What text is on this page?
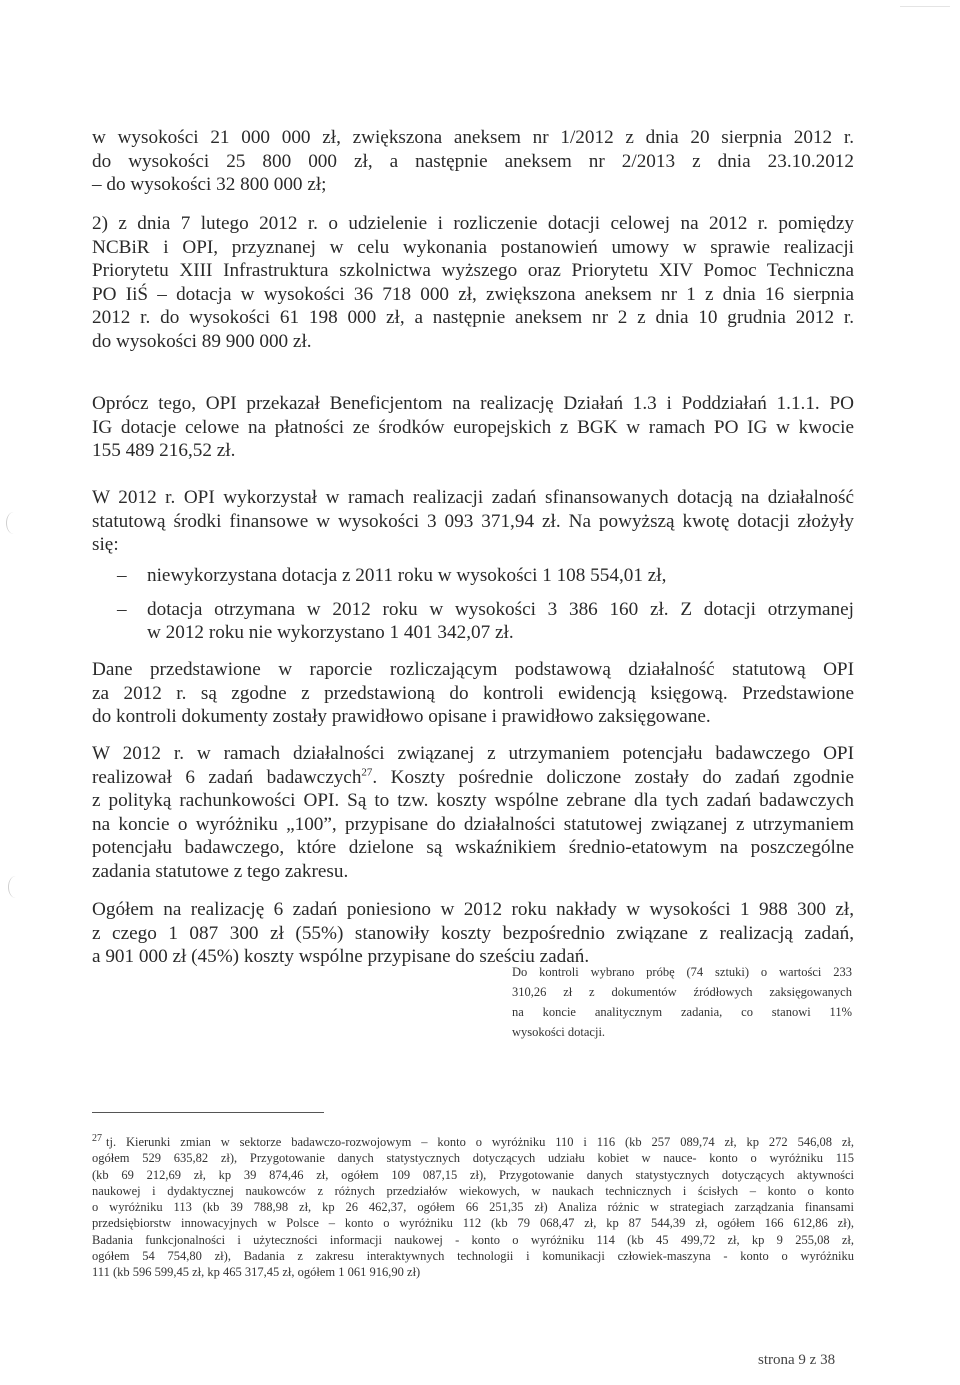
w wysokości 21 000 000 zł, zwiększona aneksem nr 1/2012 z dnia 20 sierpnia 2012 r.
do wysokości 25 800 000 zł, a następnie aneksem nr 2/2013 z dnia 23.10.2012
– do wysokości 32 800 000 zł;

2) z dnia 7 lutego 2012 r. o udzielenie i rozliczenie dotacji celowej na 2012 r. pomiędzy
NCBiR i OPI, przyznanej w celu wykonania postanowień umowy w sprawie realizacji
Priorytetu XIII Infrastruktura szkolnictwa wyższego oraz Priorytetu XIV Pomoc Techniczna
PO IiŚ – dotacja w wysokości 36 718 000 zł, zwiększona aneksem nr 1 z dnia 16 sierpnia
2012 r. do wysokości 61 198 000 zł, a następnie aneksem nr 2 z dnia 10 grudnia 2012 r.
do wysokości 89 900 000 zł.

Oprócz tego, OPI przekazał Beneficjentom na realizację Działań 1.3 i Poddziałań 1.1.1. PO
IG dotacje celowe na płatności ze środków europejskich z BGK w ramach PO IG w kwocie
155 489 216,52 zł.

W 2012 r. OPI wykorzystał w ramach realizacji zadań sfinansowanych dotacją na działalność
statutową środki finansowe w wysokości 3 093 371,94 zł. Na powyższą kwotę dotacji złożyły
się:

– niewykorzystana dotacja z 2011 roku w wysokości 1 108 554,01 zł,
– dotacja otrzymana w 2012 roku w wysokości 3 386 160 zł. Z dotacji otrzymanej
w 2012 roku nie wykorzystano 1 401 342,07 zł.

Dane przedstawione w raporcie rozliczającym podstawową działalność statutową OPI
za 2012 r. są zgodne z przedstawioną do kontroli ewidencją księgową. Przedstawione
do kontroli dokumenty zostały prawidłowo opisane i prawidłowo zaksięgowane.

W 2012 r. w ramach działalności związanej z utrzymaniem potencjału badawczego OPI
realizował 6 zadań badawczych$^{27}$. Koszty pośrednie doliczone zostały do zadań zgodnie
z polityką rachunkowości OPI. Są to tzw. koszty wspólne zebrane dla tych zadań badawczych
na koncie o wyróżniku „100”, przypisane do działalności statutowej związanej z utrzymaniem
potencjału badawczego, które dzielone są wskaźnikiem średnio-etatowym na poszczególne
zadania statutowe z tego zakresu.

Ogółem na realizację 6 zadań poniesiono w 2012 roku nakłady w wysokości 1 988 300 zł,
z czego 1 087 300 zł (55%) stanowiły koszty bezpośrednio związane z realizacją zadań,
a 901 000 zł (45%) koszty wspólne przypisane do sześciu zadań.

Do kontroli wybrano próbę (74 sztuki) o wartości 233
310,26 zł z dokumentów źródłowych zaksięgowanych
na koncie analitycznym zadania, co stanowi 11%
wysokości dotacji.
$^{27}$ tj. Kierunki zmian w sektorze badawczo-rozwojowym – konto o wyróżniku 110 i 116 (kb 257 089,74 zł, kp 272 546,08 zł,
ogółem 529 635,82 zł), Przygotowanie danych statystycznych dotyczących udziału kobiet w nauce- konto o wyróżniku 115
(kb 69 212,69 zł, kp 39 874,46 zł, ogółem 109 087,15 zł), Przygotowanie danych statystycznych dotyczących aktywności
naukowej i dydaktycznej naukowców z różnych przedziałów wiekowych, w naukach technicznych i ścisłych – konto o konto
o wyróżniku 113 (kb 39 788,98 zł, kp 26 462,37, ogółem 66 251,35 zł) Analiza różnic w strategiach zarządzania finansami
przedsiębiorstw innowacyjnych w Polsce – konto o wyróżniku 112 (kb 79 068,47 zł, kp 87 544,39 zł, ogółem 166 612,86 zł),
Badania funkcjonalności i użyteczności informacji naukowej - konto o wyróżniku 114 (kb 45 499,72 zł, kp 9 255,08 zł,
ogółem 54 754,80 zł), Badania z zakresu interaktywnych technologii i komunikacji człowiek-maszyna - konto o wyróżniku
111 (kb 596 599,45 zł, kp 465 317,45 zł, ogółem 1 061 916,90 zł)
strona 9 z 38
